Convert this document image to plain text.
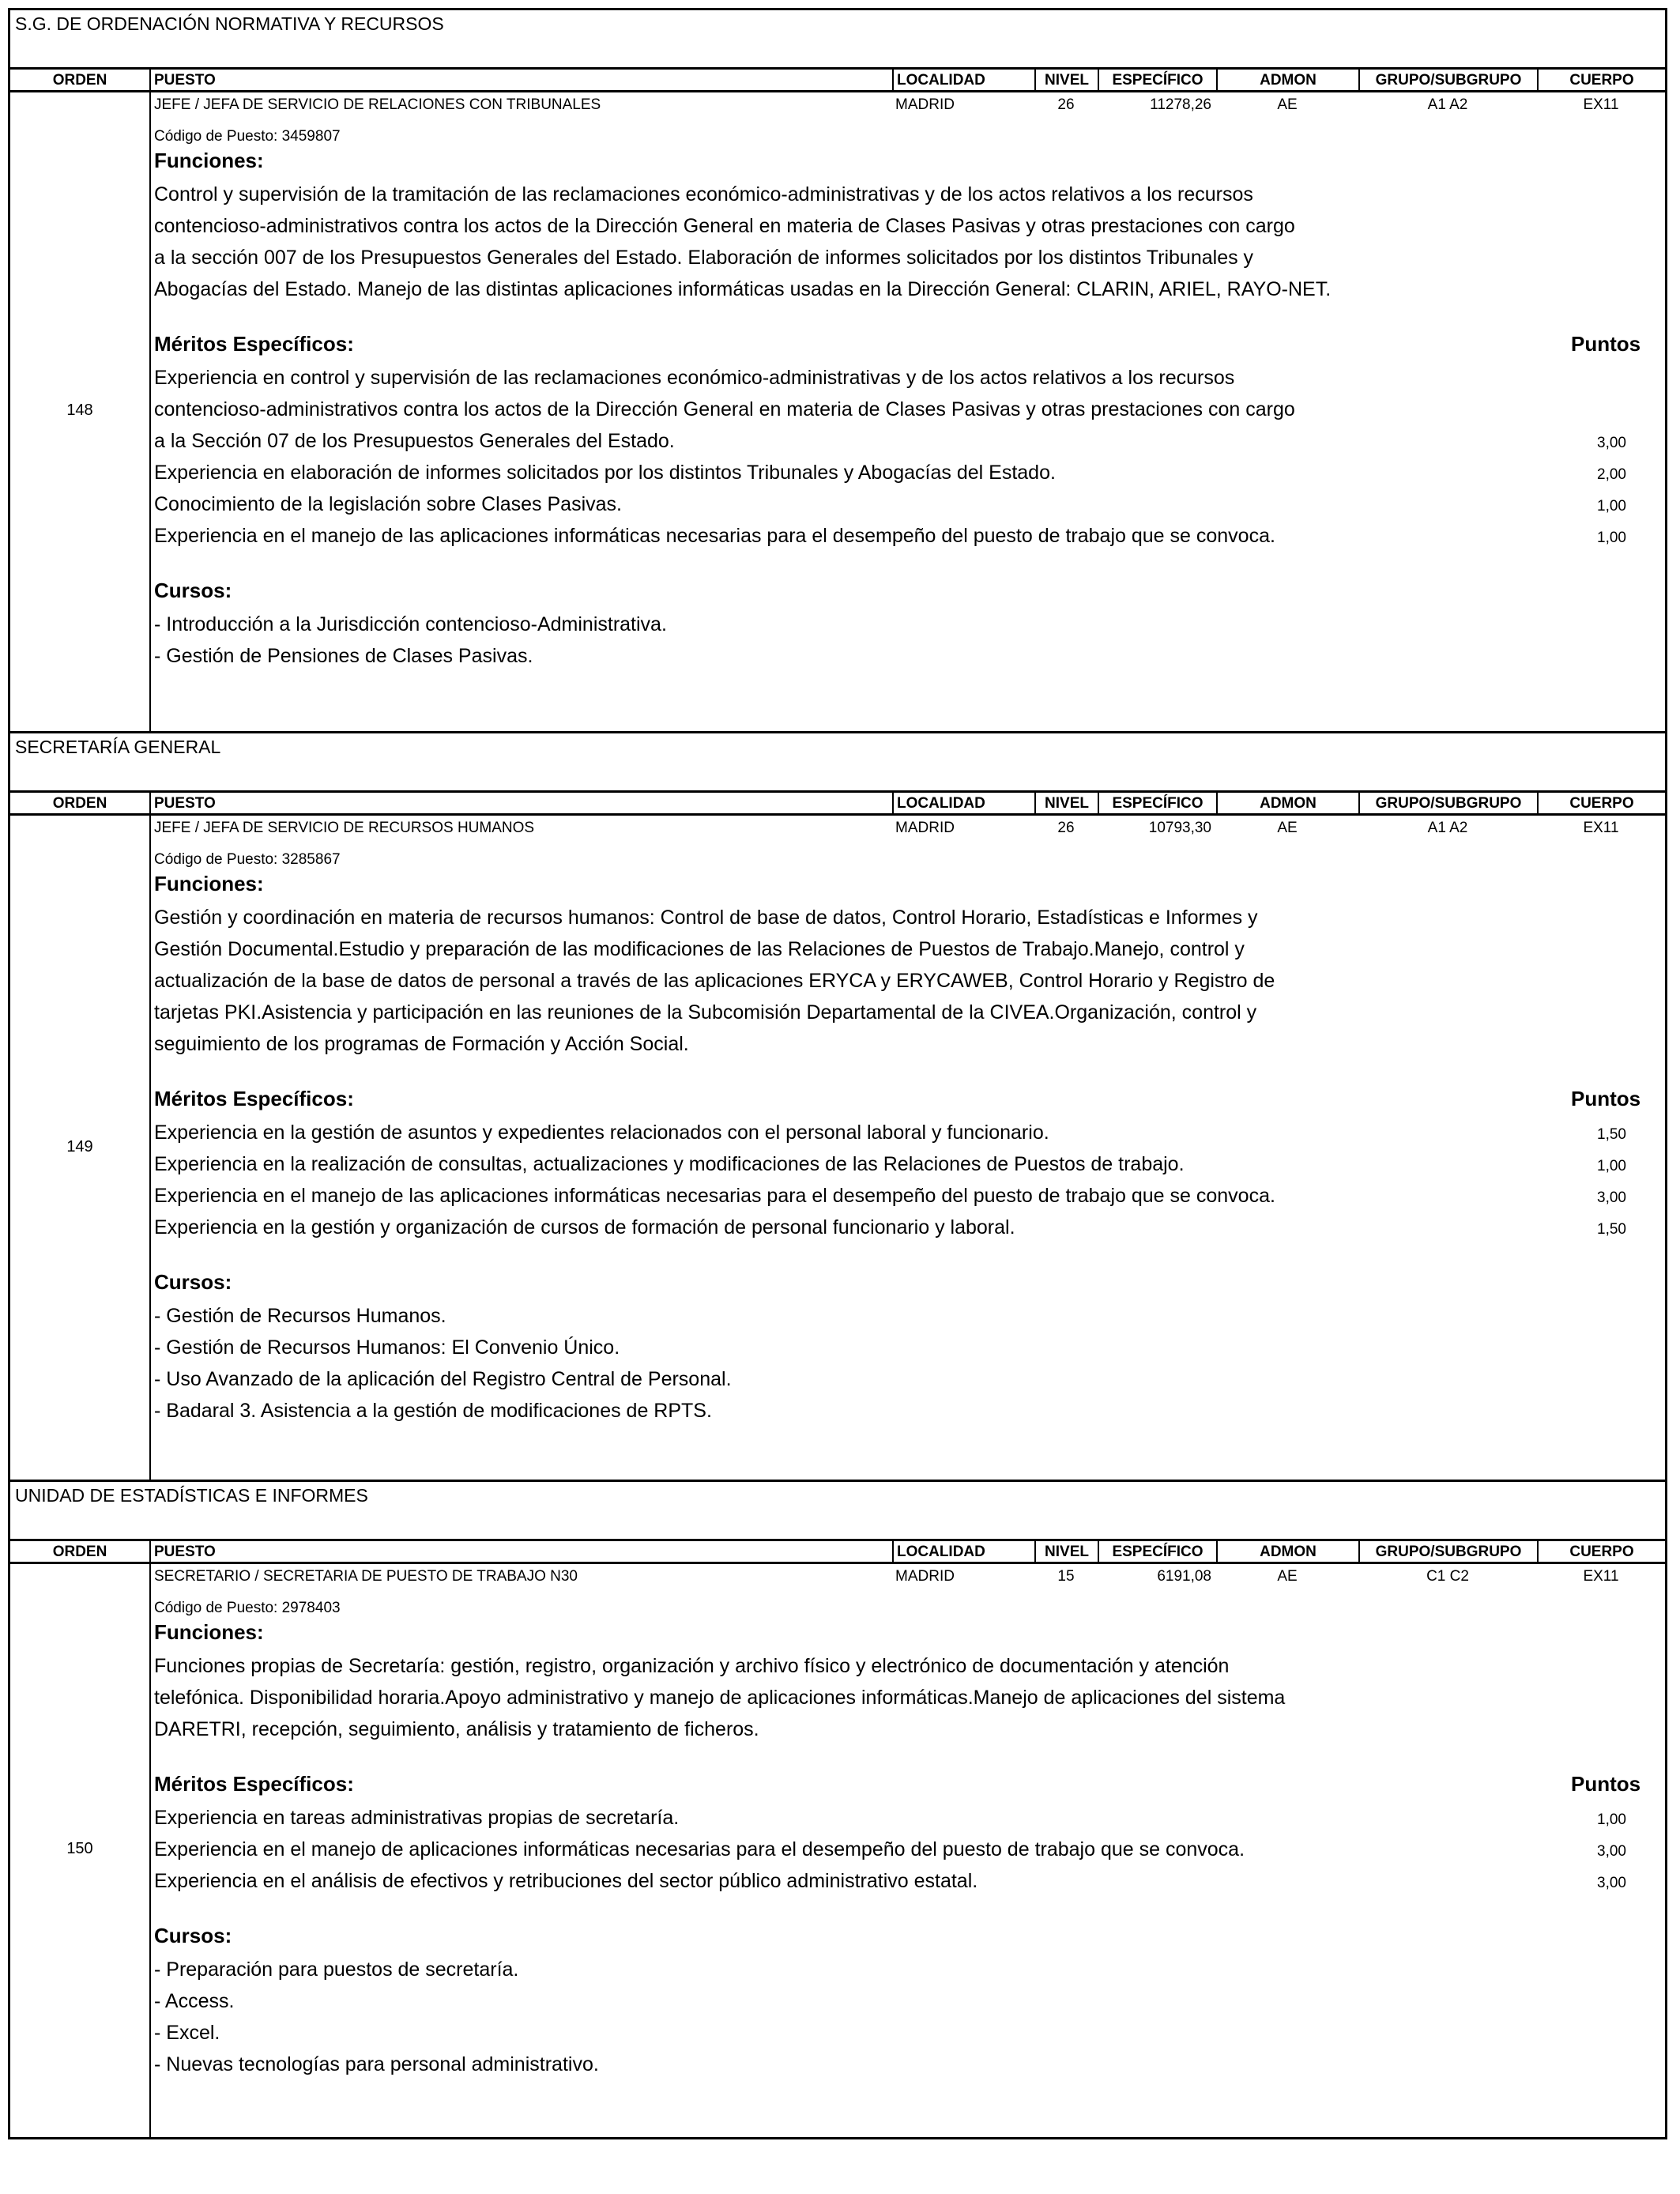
S.G. DE ORDENACIÓN NORMATIVA Y RECURSOS
ORDEN	PUESTO	LOCALIDAD	NIVEL	ESPECÍFICO	ADMON	GRUPO/SUBGRUPO	CUERPO
148
JEFE / JEFA DE SERVICIO DE RELACIONES CON TRIBUNALES	MADRID	26	11278,26	AE	A1 A2	EX11
Código de Puesto: 3459807
Funciones:
Control y supervisión de la tramitación de las reclamaciones económico-administrativas y de los actos relativos a los recursos
contencioso-administrativos contra los actos de la Dirección General en materia de Clases Pasivas y otras prestaciones con cargo
a la sección 007 de los Presupuestos Generales del Estado. Elaboración de informes solicitados por los distintos Tribunales y
Abogacías del Estado. Manejo de las distintas aplicaciones informáticas usadas en la Dirección General: CLARIN, ARIEL, RAYO-NET.
Méritos Específicos:	Puntos
Experiencia en control y supervisión de las reclamaciones económico-administrativas y de los actos relativos a los recursos
contencioso-administrativos contra los actos de la Dirección General en materia de Clases Pasivas y otras prestaciones con cargo
a la Sección 07 de los Presupuestos Generales del Estado.	3,00
Experiencia en elaboración de informes solicitados por los distintos Tribunales y Abogacías del Estado.	2,00
Conocimiento de la legislación sobre Clases Pasivas.	1,00
Experiencia en el manejo de las aplicaciones informáticas necesarias para el desempeño del puesto de trabajo que se convoca.	1,00
Cursos:
- Introducción a la Jurisdicción contencioso-Administrativa.
- Gestión de Pensiones de Clases Pasivas.
SECRETARÍA GENERAL
ORDEN	PUESTO	LOCALIDAD	NIVEL	ESPECÍFICO	ADMON	GRUPO/SUBGRUPO	CUERPO
149
JEFE / JEFA DE SERVICIO DE RECURSOS HUMANOS	MADRID	26	10793,30	AE	A1 A2	EX11
Código de Puesto: 3285867
Funciones:
Gestión y coordinación en materia de recursos humanos: Control de base de datos, Control Horario, Estadísticas e Informes y
Gestión Documental.Estudio y preparación de las modificaciones de las Relaciones de Puestos de Trabajo.Manejo, control y
actualización de la base de datos de personal a través de las aplicaciones ERYCA y ERYCAWEB, Control Horario y Registro de
tarjetas PKI.Asistencia y participación en las reuniones de la Subcomisión Departamental de la CIVEA.Organización, control y
seguimiento de los programas de Formación y Acción Social.
Méritos Específicos:	Puntos
Experiencia en la gestión de asuntos y expedientes relacionados con el personal laboral y funcionario.	1,50
Experiencia en la realización de consultas, actualizaciones y modificaciones de las Relaciones de Puestos de trabajo.	1,00
Experiencia en el manejo de las aplicaciones informáticas necesarias para el desempeño del puesto de trabajo que se convoca.	3,00
Experiencia en la gestión y organización de cursos de formación de personal funcionario y laboral.	1,50
Cursos:
- Gestión de Recursos Humanos.
- Gestión de Recursos Humanos: El Convenio Único.
- Uso Avanzado de la aplicación del Registro Central de Personal.
- Badaral 3. Asistencia a la gestión de modificaciones de RPTS.
UNIDAD DE ESTADÍSTICAS E INFORMES
ORDEN	PUESTO	LOCALIDAD	NIVEL	ESPECÍFICO	ADMON	GRUPO/SUBGRUPO	CUERPO
150
SECRETARIO / SECRETARIA DE PUESTO DE TRABAJO N30	MADRID	15	6191,08	AE	C1 C2	EX11
Código de Puesto: 2978403
Funciones:
Funciones propias de Secretaría: gestión, registro, organización y archivo físico y electrónico de documentación y atención
telefónica. Disponibilidad horaria.Apoyo administrativo y manejo de aplicaciones informáticas.Manejo de aplicaciones del sistema
DARETRI, recepción, seguimiento, análisis y tratamiento de ficheros.
Méritos Específicos:	Puntos
Experiencia en tareas administrativas propias de secretaría.	1,00
Experiencia en el manejo de aplicaciones informáticas necesarias para el desempeño del puesto de trabajo que se convoca.	3,00
Experiencia en el análisis de efectivos y retribuciones del sector público administrativo estatal.	3,00
Cursos:
- Preparación para puestos de secretaría.
- Access.
- Excel.
- Nuevas tecnologías para personal administrativo.
